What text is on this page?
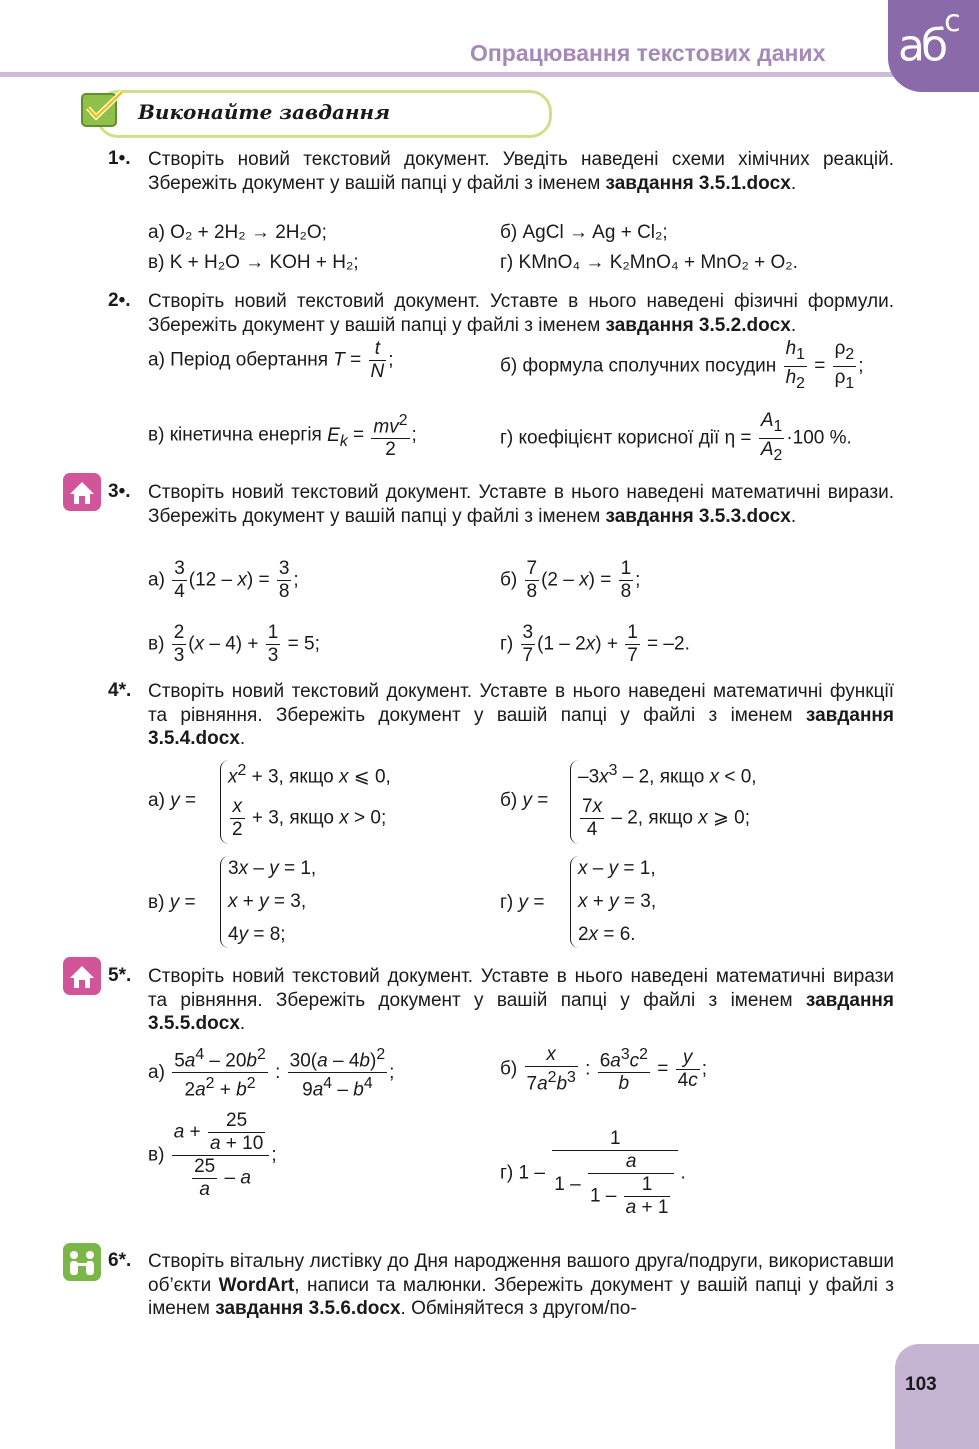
Опрацювання текстових даних $аб^c$
Виконайте завдання
1•. Створіть новий текстовий документ. Уведіть наведені схеми хімічних реакцій. Збережіть документ у вашій папці у файлі з іменем завдання 3.5.1.docx.
а) O₂ + 2H₂ → 2H₂O;	б) AgCl → Ag + Cl₂;
в) K + H₂O → KOH + H₂;	г) KMnO₄ → K₂MnO₄ + MnO₂ + O₂.
2•. Створіть новий текстовий документ. Уставте в нього наведені фізичні формули. Збережіть документ у вашій папці у файлі з іменем завдання 3.5.2.docx.
а) Період обертання $T = \frac{t}{N}$ ;	б) формула сполучних посудин $\frac{h_1}{h_2} = \frac{\rho_2}{\rho_1}$ ;
в) кінетична енергія $E_k = \frac{mv^2}{2}$ ;	г) коефіцієнт корисної дії $\eta = \frac{A_1}{A_2} \cdot 100$ %.
3•. Створіть новий текстовий документ. Уставте в нього наведені математичні вирази. Збережіть документ у вашій папці у файлі з іменем завдання 3.5.3.docx.
$а) \frac{3}{4} (12 - x) = \frac{3}{8}$ ;	$б) \frac{7}{8} (2 - x) = \frac{1}{8}$ ;
$в) \frac{2}{3} (x - 4) + \frac{1}{3} = 5$;	$г) \frac{3}{7} (1 - 2x) + \frac{1}{7} = -2$.
4*. Створіть новий текстовий документ. Уставте в нього наведені математичні функції та рівняння. Збережіть документ у вашій папці у файлі з іменем завдання 3.5.4.docx.
а) y =
$x^2 + 3$, якщо x ⩽ 0,
$\frac{x}{2} + 3$, якщо x > 0;
б) y =
$-3x^3 - 2$, якщо x < 0,
$\frac{7x}{4} - 2$, якщо x ⩾ 0;
в) y =
3x – y = 1,
x + y = 3,
4y = 8;
г) y =
x – y = 1,
x + y = 3,
2x = 6.
5*. Створіть новий текстовий документ. Уставте в нього наведені математичні вирази та рівняння. Збережіть документ у вашій папці у файлі з іменем завдання 3.5.5.docx.
$а) \frac{5a^4 - 20b^2}{2a^2 + b^2}$ : $\frac{30(a - 4b)^2}{9a^4 - b^4}$ ;	$б) \frac{x}{7a^2b^3}$ : $\frac{6a^3c^2}{b} = \frac{y}{4c}$ ;
$в) \frac{a + \frac{25}{a + 10}}{\frac{25}{a} - a}$ ;
г) $1 - \frac{1}{1 - \frac{a}{1 - \frac{1}{a + 1}}}$ .
6*. Створіть вітальну листівку до Дня народження вашого друга/подруги, використавши об’єкти WordArt, написи та малюнки. Збережіть документ у вашій папці у файлі з іменем завдання 3.5.6.docx. Обміняйтеся з другом/по-
103
